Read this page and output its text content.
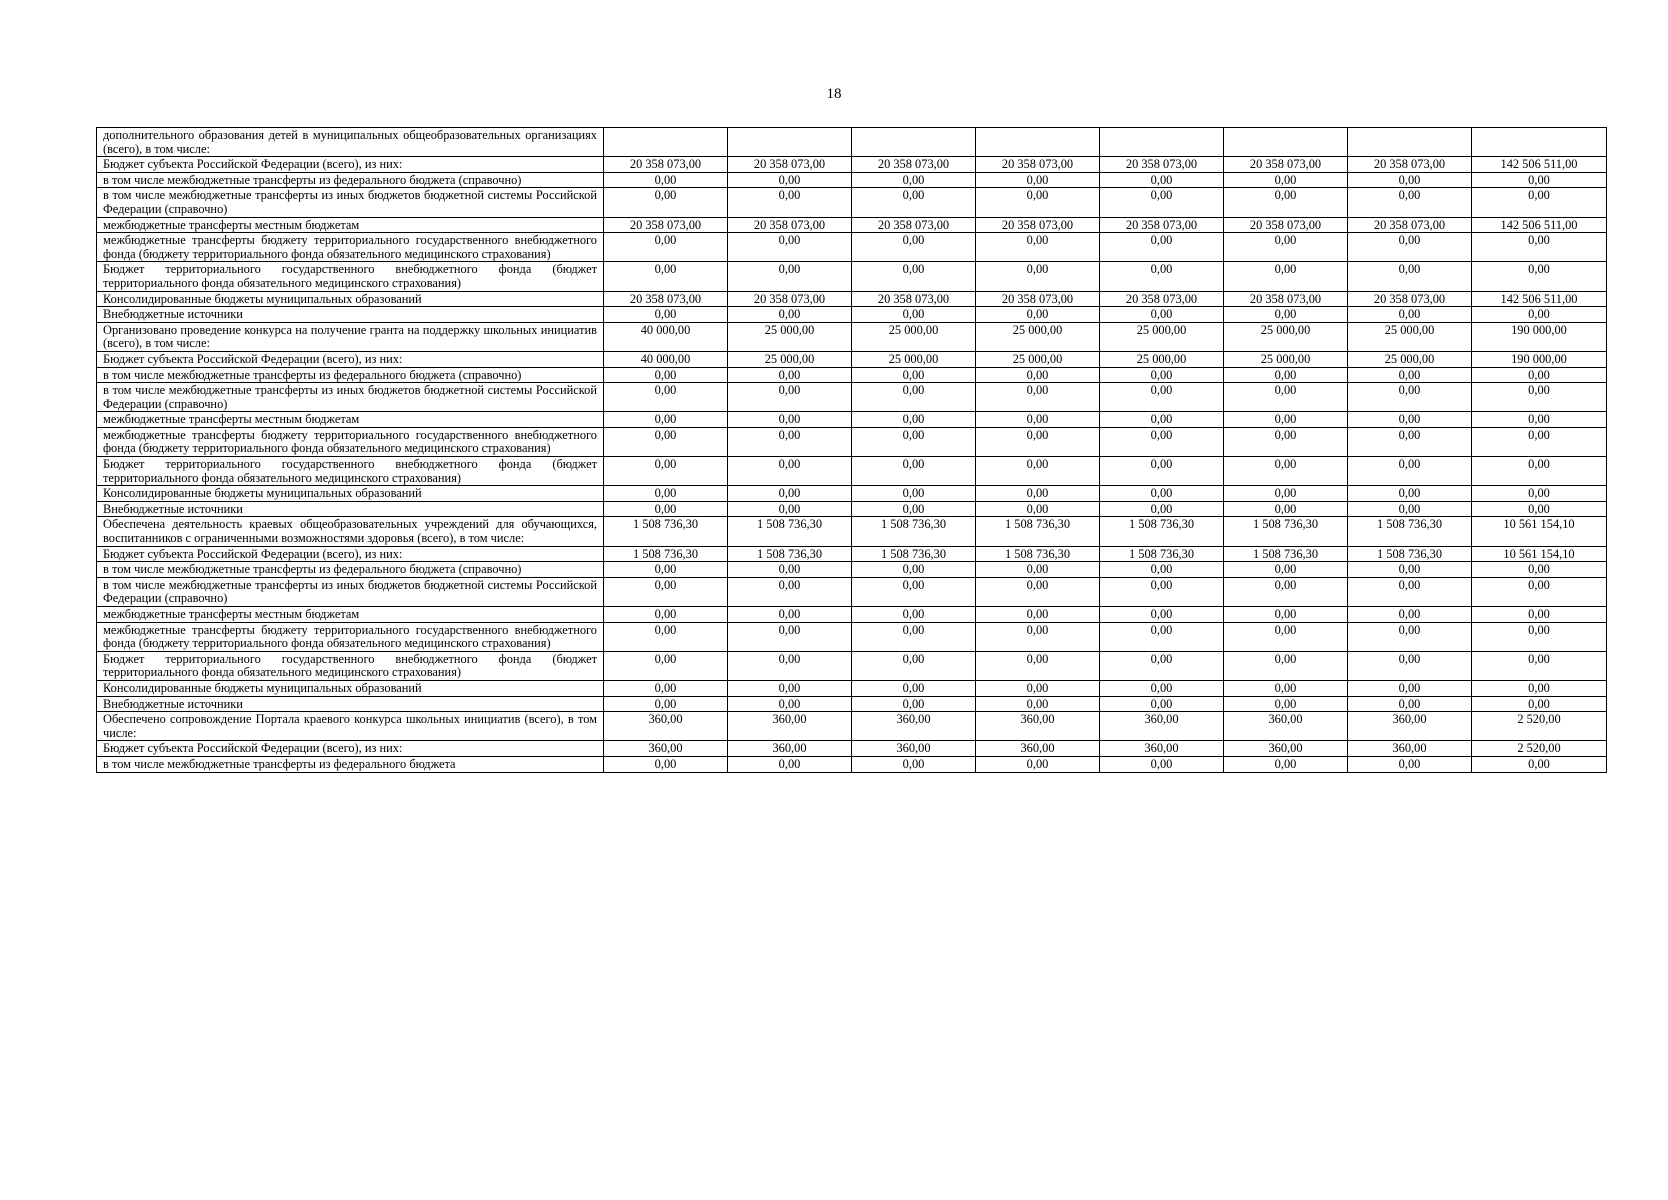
18
дополнительного образования детей в муниципальных общеобразовательных организациях (всего), в том числе:								
Бюджет субъекта Российской Федерации (всего), из них:	20 358 073,00	20 358 073,00	20 358 073,00	20 358 073,00	20 358 073,00	20 358 073,00	20 358 073,00	142 506 511,00
в том числе межбюджетные трансферты из федерального бюджета (справочно)	0,00	0,00	0,00	0,00	0,00	0,00	0,00	0,00
в том числе межбюджетные трансферты из иных бюджетов бюджетной системы Российской Федерации (справочно)	0,00	0,00	0,00	0,00	0,00	0,00	0,00	0,00
межбюджетные трансферты местным бюджетам	20 358 073,00	20 358 073,00	20 358 073,00	20 358 073,00	20 358 073,00	20 358 073,00	20 358 073,00	142 506 511,00
межбюджетные трансферты бюджету территориального государственного внебюджетного фонда (бюджету территориального фонда обязательного медицинского страхования)	0,00	0,00	0,00	0,00	0,00	0,00	0,00	0,00
Бюджет территориального государственного внебюджетного фонда (бюджет территориального фонда обязательного медицинского страхования)	0,00	0,00	0,00	0,00	0,00	0,00	0,00	0,00
Консолидированные бюджеты муниципальных образований	20 358 073,00	20 358 073,00	20 358 073,00	20 358 073,00	20 358 073,00	20 358 073,00	20 358 073,00	142 506 511,00
Внебюджетные источники	0,00	0,00	0,00	0,00	0,00	0,00	0,00	0,00
Организовано проведение конкурса на получение гранта на поддержку школьных инициатив (всего), в том числе:	40 000,00	25 000,00	25 000,00	25 000,00	25 000,00	25 000,00	25 000,00	190 000,00
Бюджет субъекта Российской Федерации (всего), из них:	40 000,00	25 000,00	25 000,00	25 000,00	25 000,00	25 000,00	25 000,00	190 000,00
в том числе межбюджетные трансферты из федерального бюджета (справочно)	0,00	0,00	0,00	0,00	0,00	0,00	0,00	0,00
в том числе межбюджетные трансферты из иных бюджетов бюджетной системы Российской Федерации (справочно)	0,00	0,00	0,00	0,00	0,00	0,00	0,00	0,00
межбюджетные трансферты местным бюджетам	0,00	0,00	0,00	0,00	0,00	0,00	0,00	0,00
межбюджетные трансферты бюджету территориального государственного внебюджетного фонда (бюджету территориального фонда обязательного медицинского страхования)	0,00	0,00	0,00	0,00	0,00	0,00	0,00	0,00
Бюджет территориального государственного внебюджетного фонда (бюджет территориального фонда обязательного медицинского страхования)	0,00	0,00	0,00	0,00	0,00	0,00	0,00	0,00
Консолидированные бюджеты муниципальных образований	0,00	0,00	0,00	0,00	0,00	0,00	0,00	0,00
Внебюджетные источники	0,00	0,00	0,00	0,00	0,00	0,00	0,00	0,00
Обеспечена деятельность краевых общеобразовательных учреждений для обучающихся, воспитанников с ограниченными возможностями здоровья (всего), в том числе:	1 508 736,30	1 508 736,30	1 508 736,30	1 508 736,30	1 508 736,30	1 508 736,30	1 508 736,30	10 561 154,10
Бюджет субъекта Российской Федерации (всего), из них:	1 508 736,30	1 508 736,30	1 508 736,30	1 508 736,30	1 508 736,30	1 508 736,30	1 508 736,30	10 561 154,10
в том числе межбюджетные трансферты из федерального бюджета (справочно)	0,00	0,00	0,00	0,00	0,00	0,00	0,00	0,00
в том числе межбюджетные трансферты из иных бюджетов бюджетной системы Российской Федерации (справочно)	0,00	0,00	0,00	0,00	0,00	0,00	0,00	0,00
межбюджетные трансферты местным бюджетам	0,00	0,00	0,00	0,00	0,00	0,00	0,00	0,00
межбюджетные трансферты бюджету территориального государственного внебюджетного фонда (бюджету территориального фонда обязательного медицинского страхования)	0,00	0,00	0,00	0,00	0,00	0,00	0,00	0,00
Бюджет территориального государственного внебюджетного фонда (бюджет территориального фонда обязательного медицинского страхования)	0,00	0,00	0,00	0,00	0,00	0,00	0,00	0,00
Консолидированные бюджеты муниципальных образований	0,00	0,00	0,00	0,00	0,00	0,00	0,00	0,00
Внебюджетные источники	0,00	0,00	0,00	0,00	0,00	0,00	0,00	0,00
Обеспечено сопровождение Портала краевого конкурса школьных инициатив (всего), в том числе:	360,00	360,00	360,00	360,00	360,00	360,00	360,00	2 520,00
Бюджет субъекта Российской Федерации (всего), из них:	360,00	360,00	360,00	360,00	360,00	360,00	360,00	2 520,00
в том числе межбюджетные трансферты из федерального бюджета	0,00	0,00	0,00	0,00	0,00	0,00	0,00	0,00
